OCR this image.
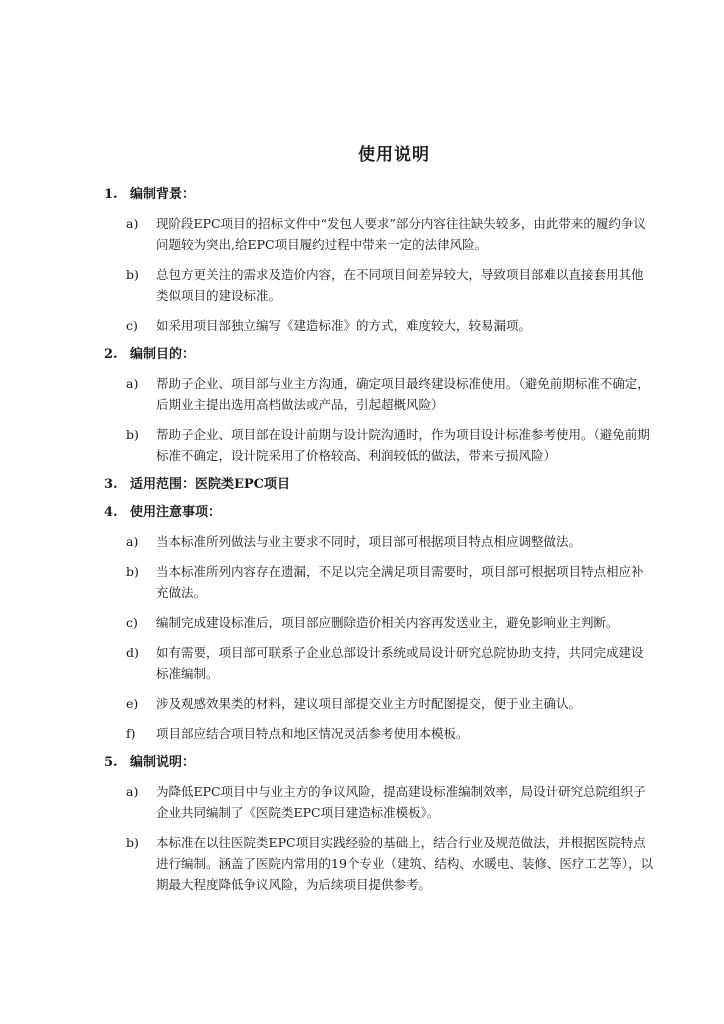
使用说明
1. 编制背景：
a) 现阶段EPC项目的招标文件中“发包人要求”部分内容往往缺失较多，由此带来的履约争议问题较为突出,给EPC项目履约过程中带来一定的法律风险。
b) 总包方更关注的需求及造价内容，在不同项目间差异较大，导致项目部难以直接套用其他类似项目的建设标准。
c) 如采用项目部独立编写《建造标准》的方式，难度较大，较易漏项。
2. 编制目的：
a) 帮助子企业、项目部与业主方沟通，确定项目最终建设标准使用。（避免前期标准不确定，后期业主提出选用高档做法或产品，引起超概风险）
b) 帮助子企业、项目部在设计前期与设计院沟通时，作为项目设计标准参考使用。（避免前期标准不确定，设计院采用了价格较高、利润较低的做法，带来亏损风险）
3. 适用范围：医院类EPC项目
4. 使用注意事项：
a) 当本标准所列做法与业主要求不同时，项目部可根据项目特点相应调整做法。
b) 当本标准所列内容存在遗漏，不足以完全满足项目需要时，项目部可根据项目特点相应补充做法。
c) 编制完成建设标准后，项目部应删除造价相关内容再发送业主，避免影响业主判断。
d) 如有需要，项目部可联系子企业总部设计系统或局设计研究总院协助支持，共同完成建设标准编制。
e) 涉及观感效果类的材料，建议项目部提交业主方时配图提交，便于业主确认。
f) 项目部应结合项目特点和地区情况灵活参考使用本模板。
5. 编制说明：
a) 为降低EPC项目中与业主方的争议风险，提高建设标准编制效率，局设计研究总院组织子企业共同编制了《医院类EPC项目建造标准模板》。
b) 本标准在以往医院类EPC项目实践经验的基础上，结合行业及规范做法，并根据医院特点进行编制。涵盖了医院内常用的19个专业（建筑、结构、水暖电、装修、医疗工艺等），以期最大程度降低争议风险，为后续项目提供参考。
